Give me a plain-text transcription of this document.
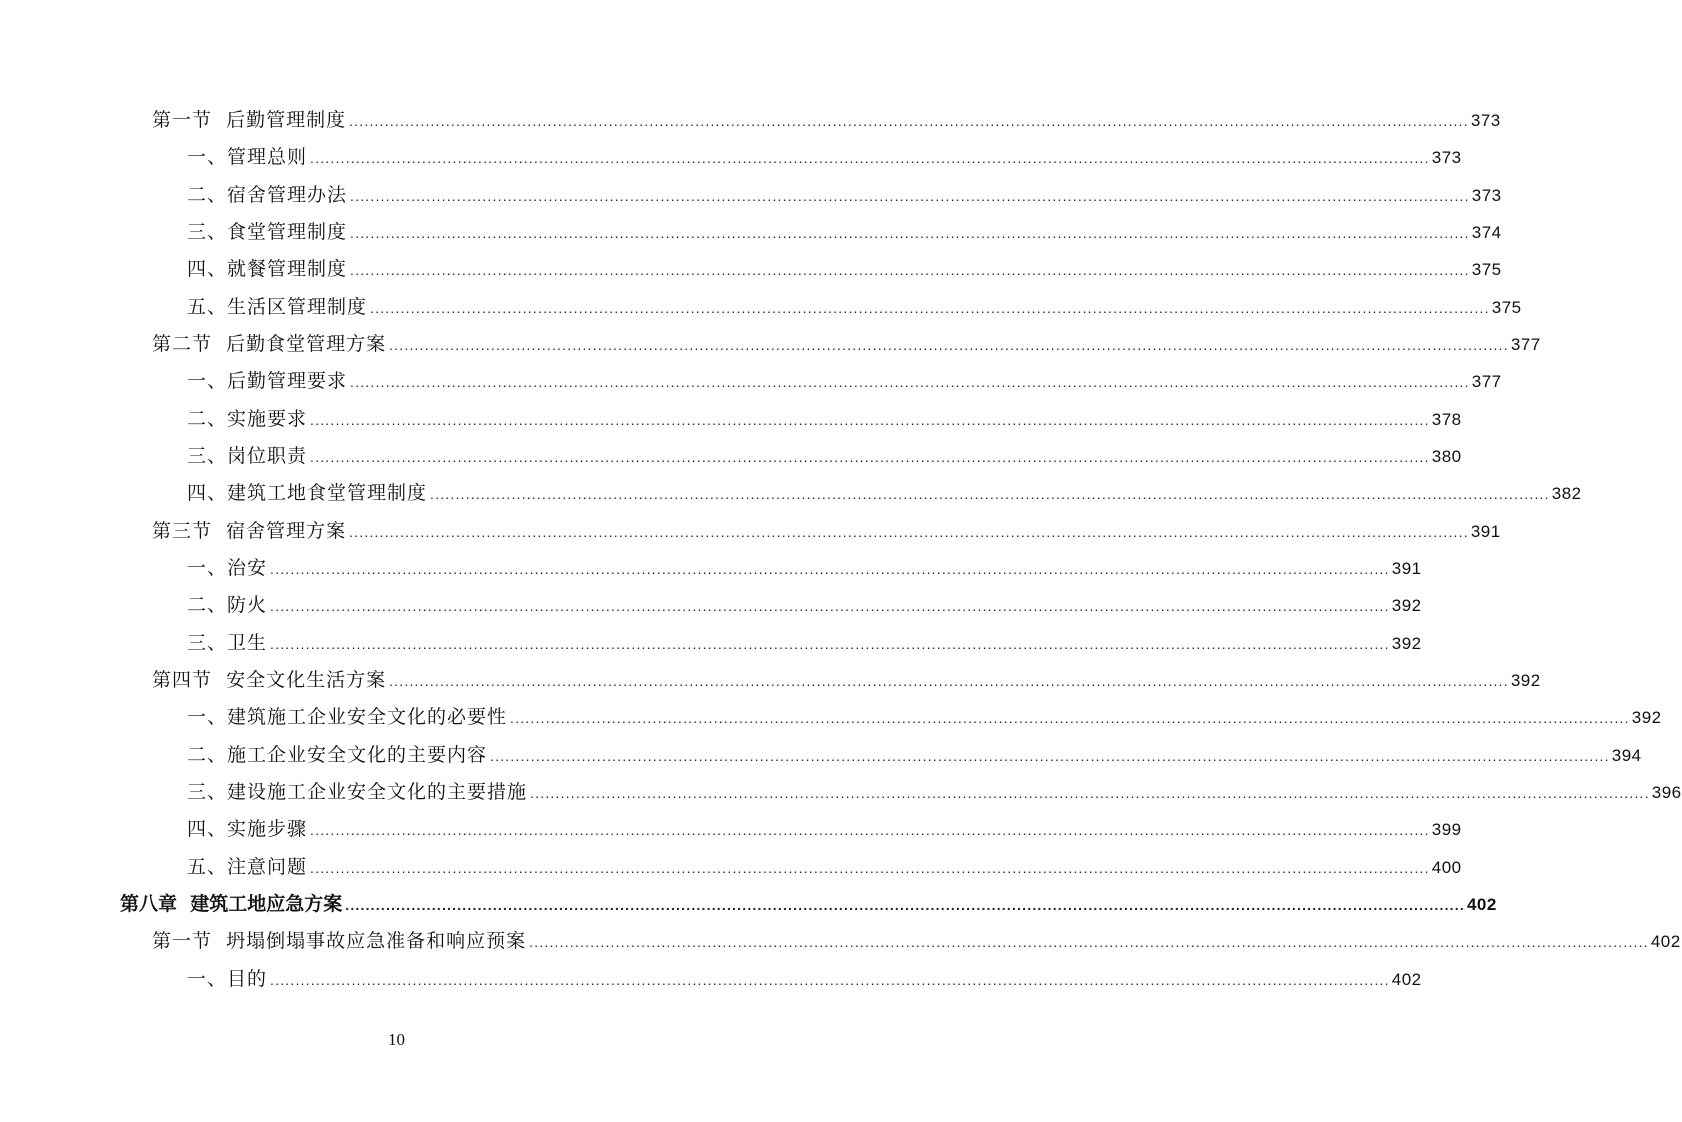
第一节  后勤管理制度 ............................................................................................................................................................................................................................ 373
一、管理总则 ............................................................................................................................................................................................................................ 373
二、宿舍管理办法 ............................................................................................................................................................................................................................ 373
三、食堂管理制度 ............................................................................................................................................................................................................................ 374
四、就餐管理制度 ............................................................................................................................................................................................................................ 375
五、生活区管理制度 ............................................................................................................................................................................................................................ 375
第二节  后勤食堂管理方案 ............................................................................................................................................................................................................................ 377
一、后勤管理要求 ............................................................................................................................................................................................................................ 377
二、实施要求 ............................................................................................................................................................................................................................ 378
三、岗位职责 ............................................................................................................................................................................................................................ 380
四、建筑工地食堂管理制度 ............................................................................................................................................................................................................................ 382
第三节  宿舍管理方案 ............................................................................................................................................................................................................................ 391
一、治安 ............................................................................................................................................................................................................................ 391
二、防火 ............................................................................................................................................................................................................................ 392
三、卫生 ............................................................................................................................................................................................................................ 392
第四节  安全文化生活方案 ............................................................................................................................................................................................................................ 392
一、建筑施工企业安全文化的必要性 ............................................................................................................................................................................................................................ 392
二、施工企业安全文化的主要内容 ............................................................................................................................................................................................................................ 394
三、建设施工企业安全文化的主要措施 ............................................................................................................................................................................................................................ 396
四、实施步骤 ............................................................................................................................................................................................................................ 399
五、注意问题 ............................................................................................................................................................................................................................ 400
第八章  建筑工地应急方案 ............................................................................................................................................................................................................................ 402
第一节  坍塌倒塌事故应急准备和响应预案 ............................................................................................................................................................................................................................ 402
一、目的 ............................................................................................................................................................................................................................ 402
10
